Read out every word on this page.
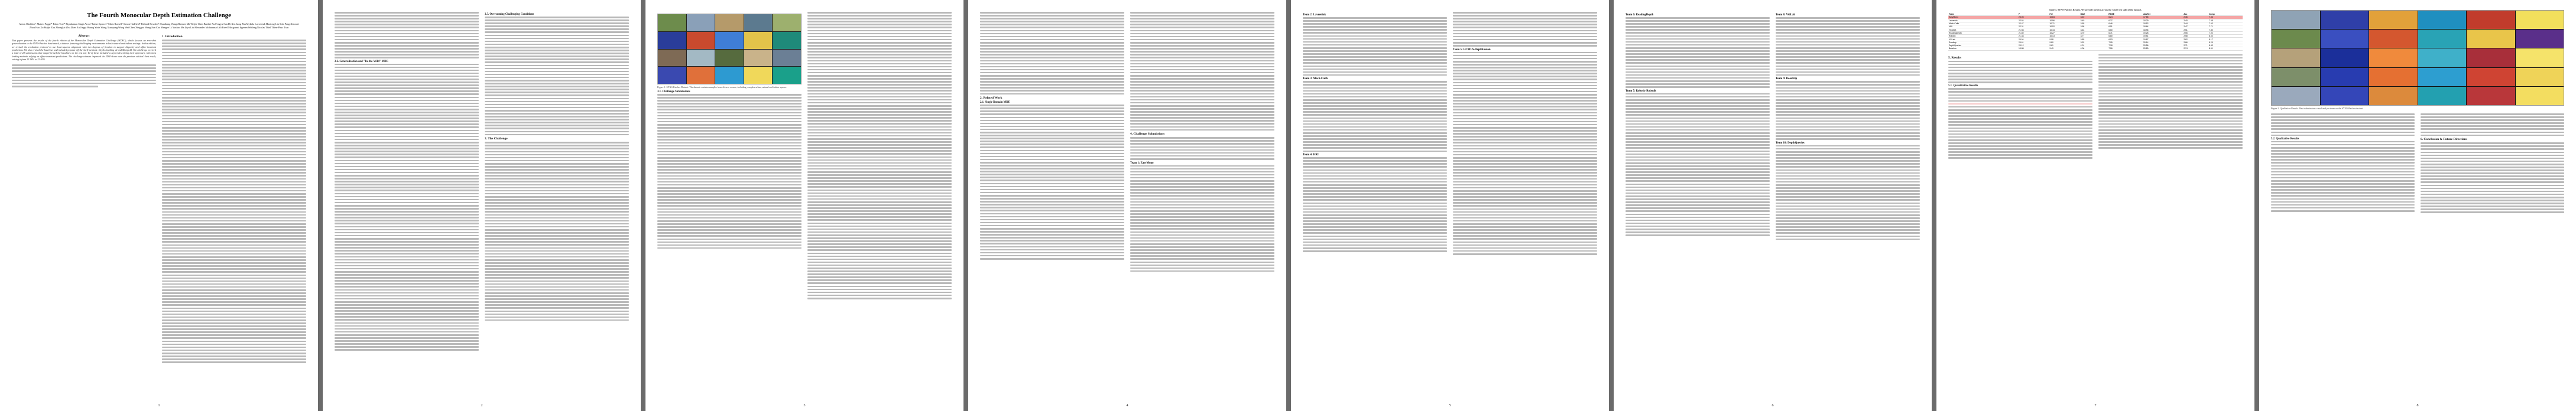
The Fourth Monocular Depth Estimation Challenge
Anton Obukhov¹ Matteo Poggi²⁴ Fabio Tosi²⁴ Ripudaman Singh Arora³ Jaime Spencer⁵ Chris Russell⁶ Simon Hadfield⁵ Richard Bowden⁵ Shuaihang Wang Zhenxin Ma Weijie Chen Baobei Xu Fengyu Sun Di Xie Jiang Zhu Mykola Lavreniuk Haotong Lin Sida Peng Xiaowei Zhou Hao Xu Ruijie Zhu Zhongkai Zhu Zhen Xu Jingyi Huang Yixin Wang Xuanyang Wang Wei Chen Xingguo Wang Jian Cao Mengze Li Yunhao Ma Ziyu Lin Alexander Mohammad Ali Fazel Mosgarani Irgenen Weileng Nicolas Thiel Thien-Phuc Tran
Abstract
This paper presents the results of the fourth edition of the Monocular Depth Estimation Challenge (MDEC), which focuses on zero-shot generalization to the SYNS-Patches benchmark, a dataset featuring challenging environments in both natural and indoor settings. In this edition, we revised the evaluation protocol to use least-squares alignment with two degrees of freedom to support disparity and affine-invariant predictions. We also revised the baselines and included popular off-the-shelf methods: Depth Anything v2 and Marigold. The challenge received a total of 24 submissions that outperformed the baselines on the test set; 10 of these included a report describing their approach, with most leading methods relying on affine-invariant predictions. The challenge winners improved the 3D F-Score over the previous edition's best result, raising it from 22.58% to 23.05%.
1. Introduction
1
2.2. Generalization and "In-the-Wild" MDE
2.3. Overcoming Challenging Conditions
3. The Challenge
2
Figure 1. SYNS-Patches Dataset. The dataset contains samples from diverse scenes, including complex urban, natural and indoor spaces.
3.1. Challenge Submissions
3
2. Related Work
2.1. Single Domain MDE
4. Challenge Submissions
Team 1: EasyMono
4
Team 2: Lavreniuk
Team 3: Mach-Calib
Team 4: HRI
Team 5: HCMUS-DepthFusion
5
Team 6: ReadingDepth
Team 7: Robotic-Robotik
Team 8: VGLab
Team 9: Roadtrip
Team 10: DepthQueries
6
Table 1. SYNS-Patches Results. We provide metrics across the whole test split of the dataset.
Team	F	F-E	MAE	RMSE	AbsRel	Acc	Comp
EasyMono	23.05	10.84	3.40	6.24	17.85	2.36	7.36
Lavreniuk	22.84	10.96	3.49	6.37	18.29	2.40	7.58
Mach-Calib	22.47	10.71	3.55	6.46	18.52	2.44	7.63
HRI	22.31	10.52	3.58	6.51	18.64	2.47	7.71
HCMUS	21.98	10.44	3.64	6.60	18.96	2.51	7.80
ReadingDepth	21.60	10.27	3.70	6.71	19.28	2.55	7.92
Robotic	21.33	10.13	3.77	6.80	19.51	2.58	8.04
VGLab	20.94	9.98	3.85	6.93	19.87	2.62	8.17
Roadtrip	20.61	9.80	3.92	7.05	20.14	2.66	8.29
DepthQueries	20.12	9.61	4.01	7.18	20.56	2.71	8.43
Baseline	19.88	9.49	4.06	7.26	20.80	2.74	8.51
5. Results
5.1. Quantitative Results
7
Figure 2. Qualitative Results. Best submissions visualized per team on the SYNS-Patches test set.
5.2. Qualitative Results	6. Conclusion & Future Directions
8
